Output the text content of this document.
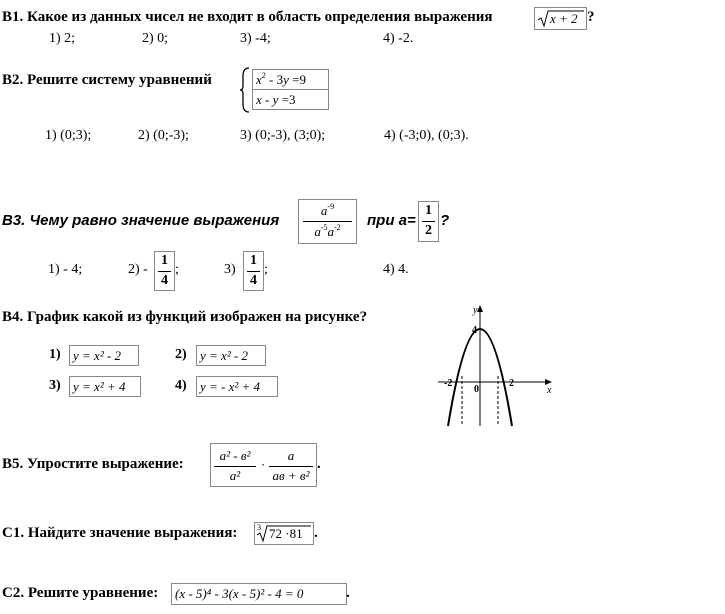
B1. Какое из данных чисел не входит в область определения выражения	x + 2 ?
1) 2;	2) 0;	3) -4;	4) -2.
B2. Решите систему уравнений	$x^2 - 3y =9$
x - y =3
1) (0;3);	2) (0;-3);	3) (0;-3), (3;0);	4) (-3;0), (0;3).
B3. Чему равно значение выражения
$a^{-9}$
$a^{-5}a^{-2}$	при a=
1
2
?
1) - 4;	2) -
1
4
;	3)
1
4
;	4) 4.
B4. График какой из функций изображен на рисунке?
1) y = x² - 2	2) y = x² - 2
3) y = x² + 4	4) y = - x² + 4
y
x
4
-2
0
2
B5. Упростите выражение:
a² - в²
a²
·
a
ав + в²
.
C1. Найдите значение выражения: 3 72 ·81 .
C2. Решите уравнение: (x - 5)⁴ - 3(x - 5)² - 4 = 0	.
